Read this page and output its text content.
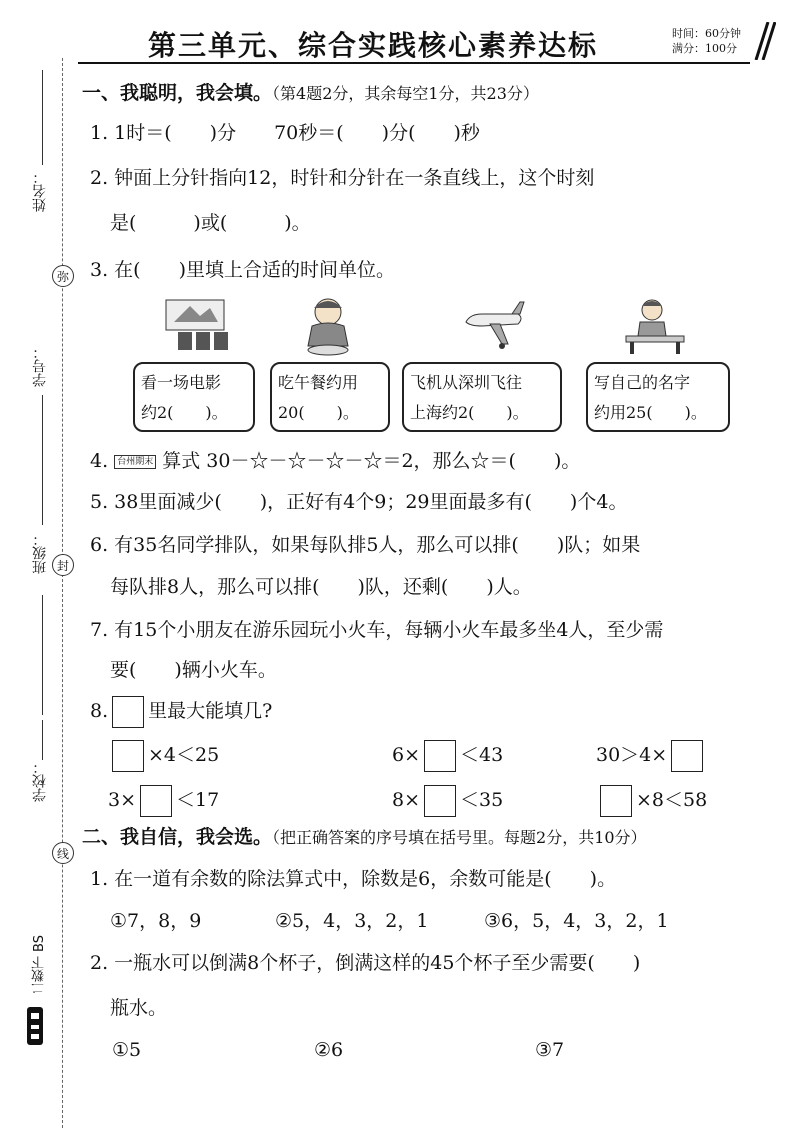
姓名：
弥
学号：
班级： 封
学校：
线
二数下 BS
第三单元、综合实践核心素养达标	时间：60分钟
满分：100分
一、我聪明，我会填。（第4题2分，其余每空1分，共23分）
1. 1时＝(　　)分　　70秒＝(　　)分(　　)秒
2. 钟面上分针指向12，时针和分针在一条直线上，这个时刻
是(　　　)或(　　　)。
3. 在(　　)里填上合适的时间单位。
看一场电影
约2(　　)。
吃午餐约用
20(　　)。
飞机从深圳飞往
上海约2(　　)。
写自己的名字
约用25(　　)。
4. 台州期末 算式 30－☆－☆－☆－☆＝2，那么☆＝(　　)。
5. 38里面减少(　　)，正好有4个9；29里面最多有(　　)个4。
6. 有35名同学排队，如果每队排5人，那么可以排(　　)队；如果
每队排8人，那么可以排(　　)队，还剩(　　)人。
7. 有15个小朋友在游乐园玩小火车，每辆小火车最多坐4人，至少需
要(　　)辆小火车。
8. 里最大能填几?
×4＜25	6× ＜43	30＞4×
3× ＜17	8× ＜35	×8＜58
二、我自信，我会选。（把正确答案的序号填在括号里。每题2分，共10分）
1. 在一道有余数的除法算式中，除数是6，余数可能是(　　)。
①7，8，9	②5，4，3，2，1	③6，5，4，3，2，1
2. 一瓶水可以倒满8个杯子，倒满这样的45个杯子至少需要(　　)
瓶水。
①5	②6	③7
